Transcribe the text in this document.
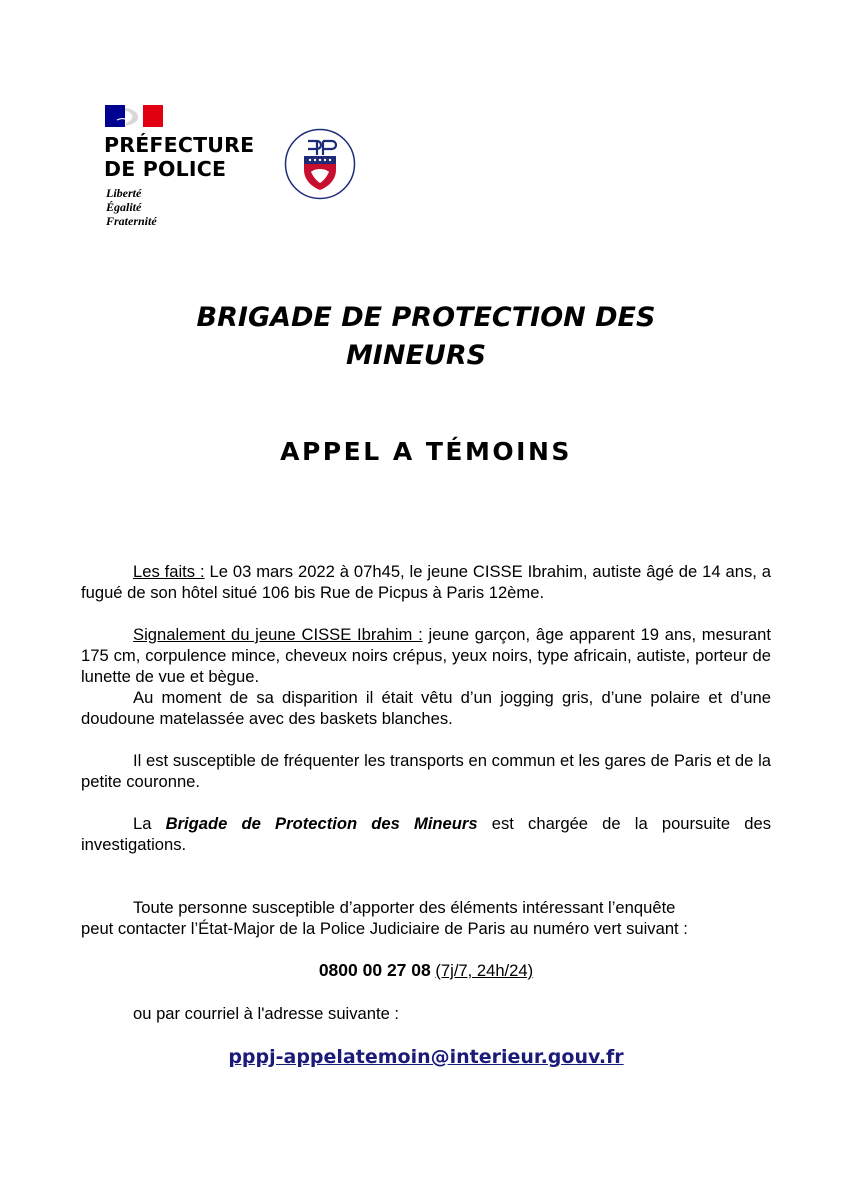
PRÉFECTURE
DE POLICE
Liberté
Égalité
Fraternité
BRIGADE DE PROTECTION DES
MINEURS
APPEL A TÉMOINS
Les faits : Le 03 mars 2022 à 07h45, le jeune CISSE Ibrahim, autiste âgé de 14 ans, a fugué de son hôtel situé 106 bis Rue de Picpus à Paris 12ème.
Signalement du jeune CISSE Ibrahim : jeune garçon, âge apparent 19 ans, mesurant 175 cm, corpulence mince, cheveux noirs crépus, yeux noirs, type africain, autiste, porteur de lunette de vue et bègue.
Au moment de sa disparition il était vêtu d’un jogging gris, d’une polaire et d’une doudoune matelassée avec des baskets blanches.
Il est susceptible de fréquenter les transports en commun et les gares de Paris et de la petite couronne.
La Brigade de Protection des Mineurs est chargée de la poursuite des investigations.
Toute personne susceptible d’apporter des éléments intéressant l’enquête
peut contacter l’État-Major de la Police Judiciaire de Paris au numéro vert suivant :
0800 00 27 08 (7j/7, 24h/24)
ou par courriel à l'adresse suivante :
pppj-appelatemoin@interieur.gouv.fr
